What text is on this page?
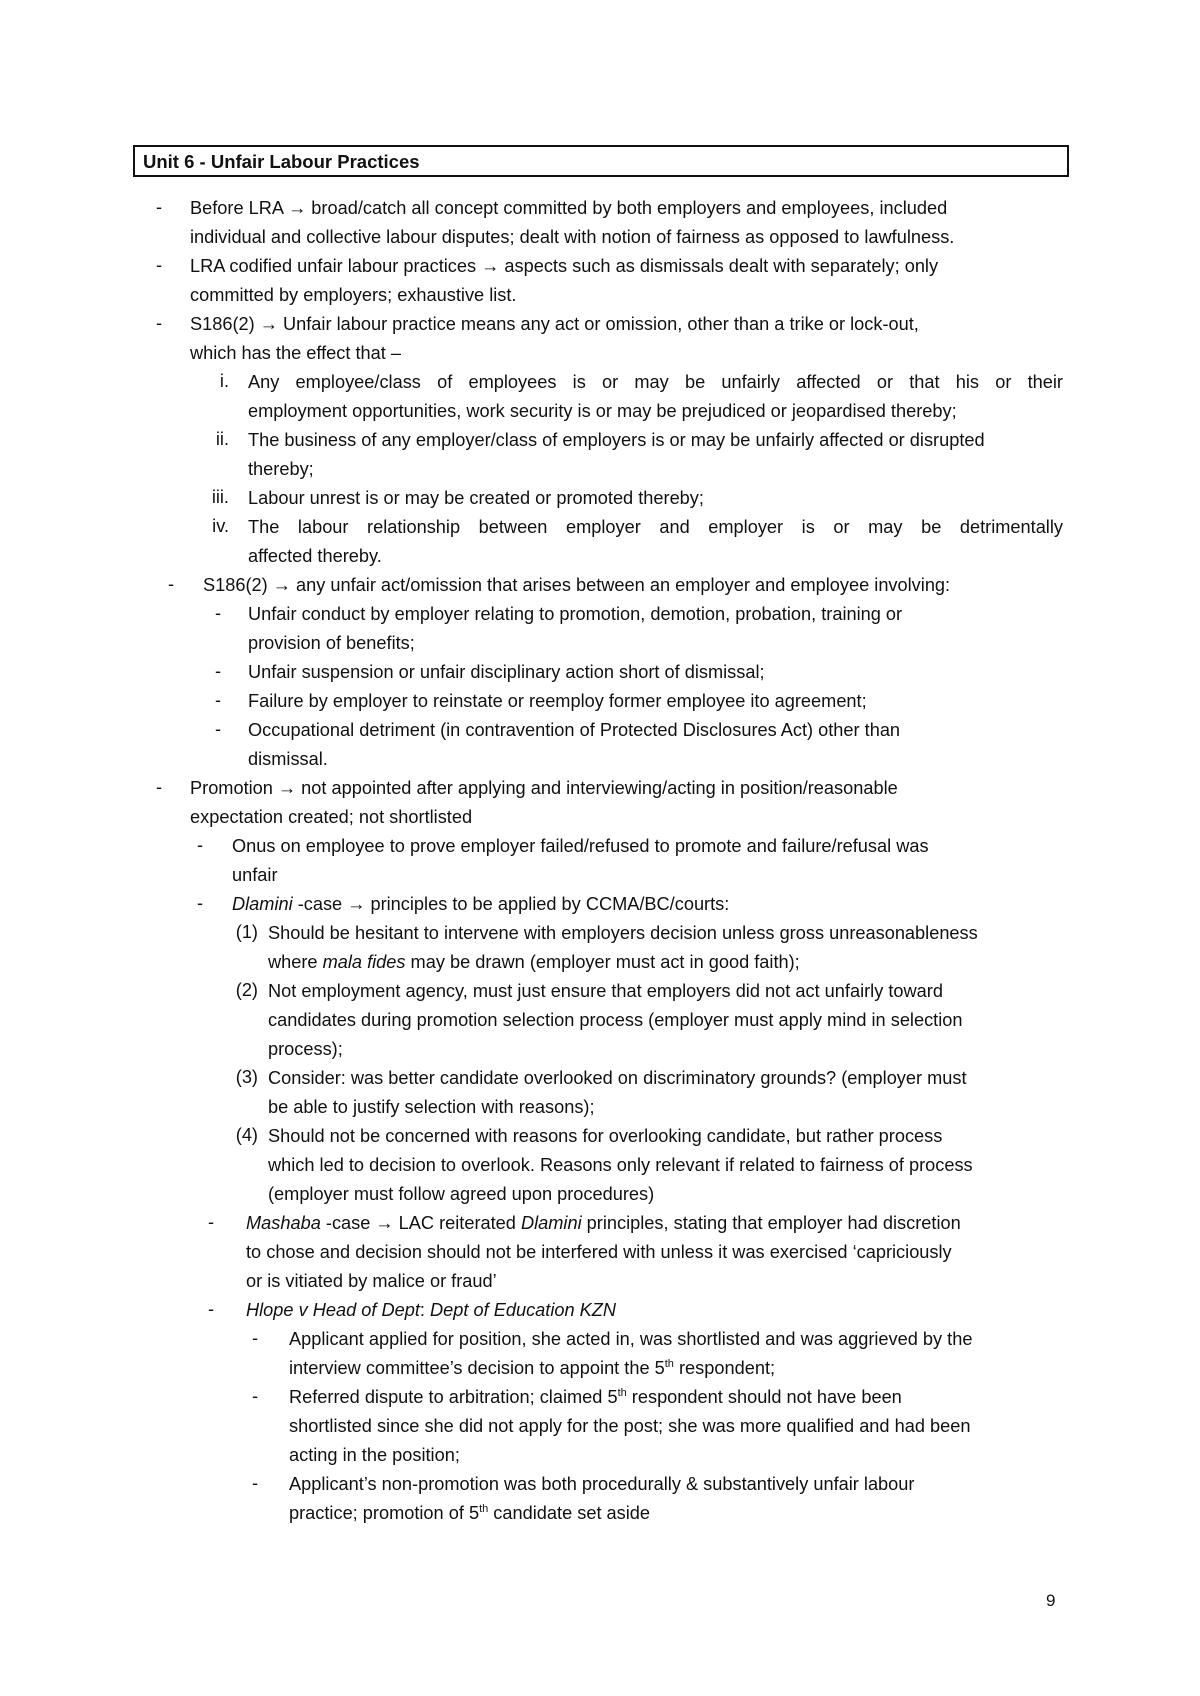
Unit 6 - Unfair Labour Practices
- Before LRA → broad/catch all concept committed by both employers and employees, included
individual and collective labour disputes; dealt with notion of fairness as opposed to lawfulness.
- LRA codified unfair labour practices → aspects such as dismissals dealt with separately; only
committed by employers; exhaustive list.
- S186(2) → Unfair labour practice means any act or omission, other than a trike or lock-out,
which has the effect that –
i. Any employee/class of employees is or may be unfairly affected or that his or their
employment opportunities, work security is or may be prejudiced or jeopardised thereby;
ii. The business of any employer/class of employers is or may be unfairly affected or disrupted
thereby;
iii. Labour unrest is or may be created or promoted thereby;
iv. The labour relationship between employer and employer is or may be detrimentally
affected thereby.
- S186(2) → any unfair act/omission that arises between an employer and employee involving:
- Unfair conduct by employer relating to promotion, demotion, probation, training or
provision of benefits;
- Unfair suspension or unfair disciplinary action short of dismissal;
- Failure by employer to reinstate or reemploy former employee ito agreement;
- Occupational detriment (in contravention of Protected Disclosures Act) other than
dismissal.
- Promotion → not appointed after applying and interviewing/acting in position/reasonable
expectation created; not shortlisted
- Onus on employee to prove employer failed/refused to promote and failure/refusal was
unfair
- Dlamini -case → principles to be applied by CCMA/BC/courts:
(1) Should be hesitant to intervene with employers decision unless gross unreasonableness
where mala fides may be drawn (employer must act in good faith);
(2) Not employment agency, must just ensure that employers did not act unfairly toward
candidates during promotion selection process (employer must apply mind in selection
process);
(3) Consider: was better candidate overlooked on discriminatory grounds? (employer must
be able to justify selection with reasons);
(4) Should not be concerned with reasons for overlooking candidate, but rather process
which led to decision to overlook. Reasons only relevant if related to fairness of process
(employer must follow agreed upon procedures)
- Mashaba -case → LAC reiterated Dlamini principles, stating that employer had discretion
to chose and decision should not be interfered with unless it was exercised ‘capriciously
or is vitiated by malice or fraud’
- Hlope v Head of Dept: Dept of Education KZN
- Applicant applied for position, she acted in, was shortlisted and was aggrieved by the
interview committee’s decision to appoint the 5th respondent;
- Referred dispute to arbitration; claimed 5th respondent should not have been
shortlisted since she did not apply for the post; she was more qualified and had been
acting in the position;
- Applicant’s non-promotion was both procedurally & substantively unfair labour
practice; promotion of 5th candidate set aside
9
